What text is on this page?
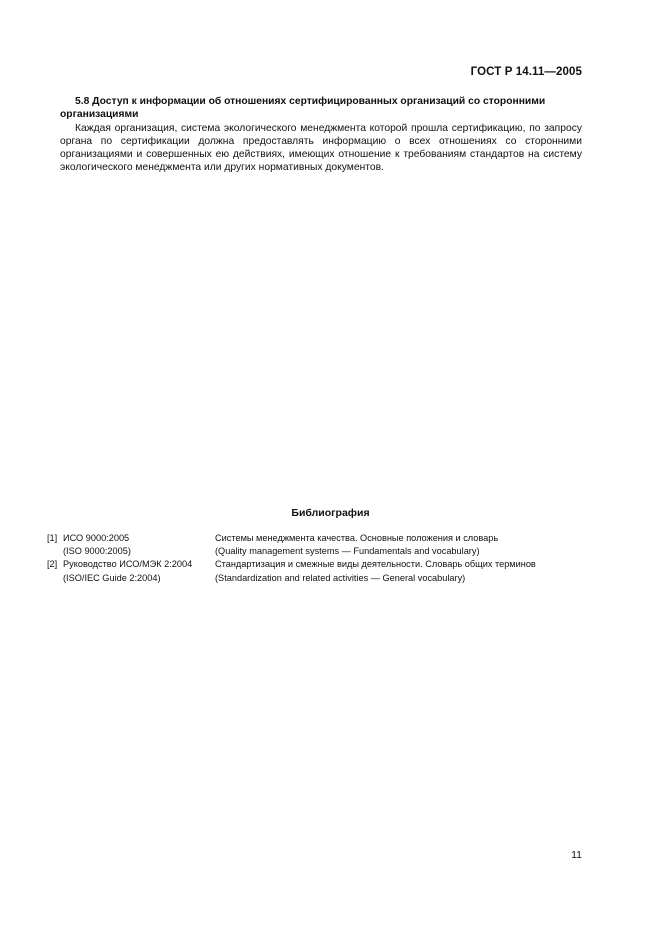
ГОСТ Р 14.11—2005

5.8 Доступ к информации об отношениях сертифицированных организаций со сторонними организациями

Каждая организация, система экологического менеджмента которой прошла сертификацию, по запросу органа по сертификации должна предоставлять информацию о всех отношениях со сторонними организациями и совершенных ею действиях, имеющих отношение к требованиям стандартов на систему экологического менеджмента или других нормативных документов.

Библиография
[1] ИСО 9000:2005	Системы менеджмента качества. Основные положения и словарь
(ISO 9000:2005)	(Quality management systems — Fundamentals and vocabulary)
[2] Руководство ИСО/МЭК 2:2004	Стандартизация и смежные виды деятельности. Словарь общих терминов
(ISO/IEC Guide 2:2004)	(Standardization and related activities — General vocabulary)
11
